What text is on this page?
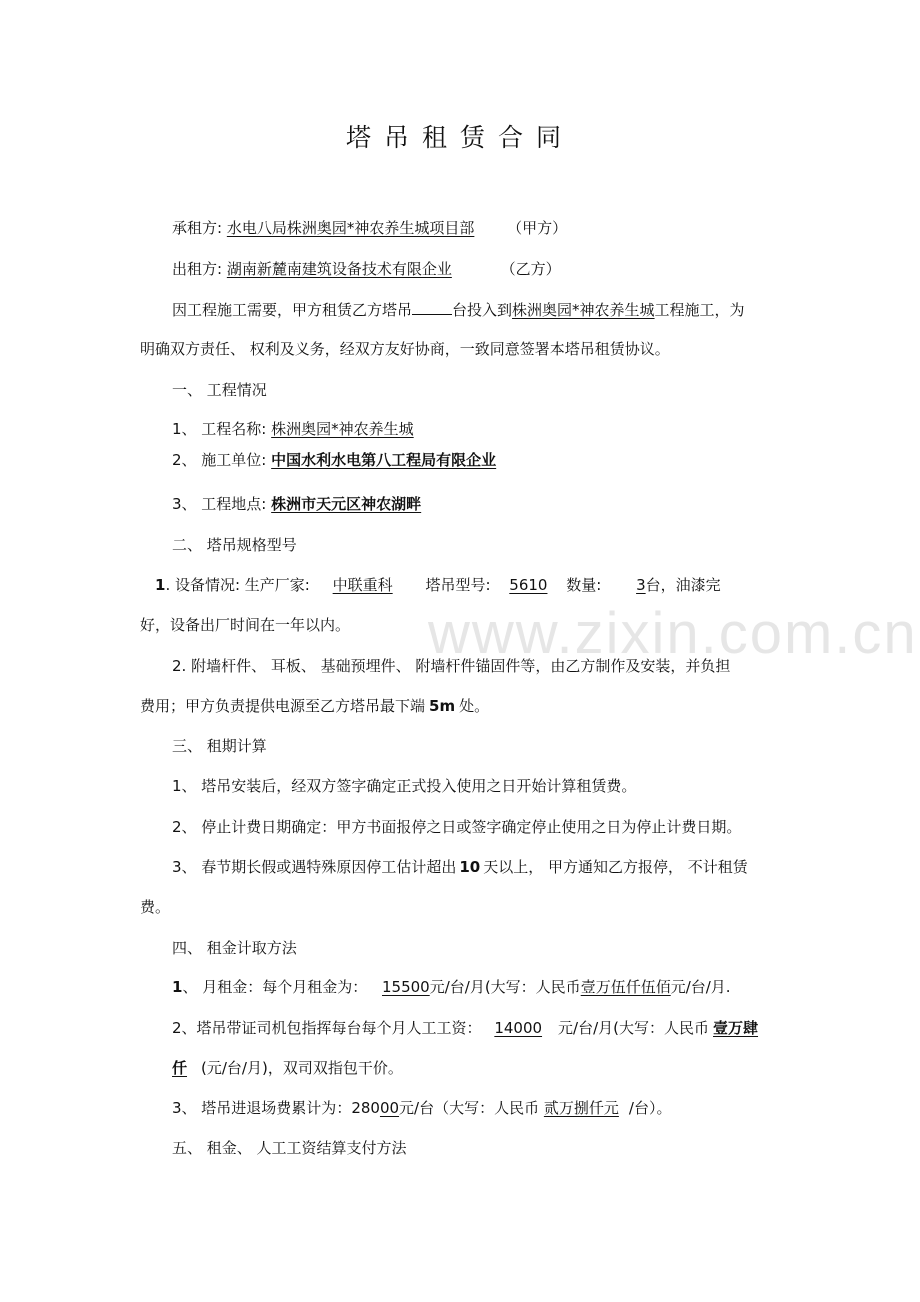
塔吊租赁合同
www.zixin.com.cn
承租方: 水电八局株洲奥园*神农养生城项目部 （甲方）
出租方: 湖南新麓南建筑设备技术有限企业	（乙方）
因工程施工需要，甲方租赁乙方塔吊	台投入到株洲奥园*神农养生城工程施工，为
明确双方责任、 权利及义务，经双方友好协商，一致同意签署本塔吊租赁协议。
一、 工程情况
1、 工程名称: 株洲奥园*神农养生城
2、 施工单位: 中国水利水电第八工程局有限企业
3、 工程地点: 株洲市天元区神农湖畔
二、 塔吊规格型号
1. 设备情况: 生产厂家: 中联重科 塔吊型号: 5610 数量: 3台，油漆完
好，设备出厂时间在一年以内。
2. 附墙杆件、 耳板、 基础预埋件、 附墙杆件锚固件等，由乙方制作及安装，并负担
费用；甲方负责提供电源至乙方塔吊最下端 5m 处。
三、 租期计算
1、 塔吊安装后，经双方签字确定正式投入使用之日开始计算租赁费。
2、 停止计费日期确定：甲方书面报停之日或签字确定停止使用之日为停止计费日期。
3、 春节期长假或遇特殊原因停工估计超出 10 天以上， 甲方通知乙方报停， 不计租赁
费。
四、 租金计取方法
1、 月租金：每个月租金为： 15500元/台/月(大写：人民币壹万伍仟伍佰元/台/月.
2、塔吊带证司机包指挥每台每个月人工工资： 14000 元/台/月(大写：人民币 壹万肆
仟 (元/台/月)，双司双指包干价。
3、 塔吊进退场费累计为：28000元/台（大写：人民币 贰万捌仟元 /台）。
五、 租金、 人工工资结算支付方法
